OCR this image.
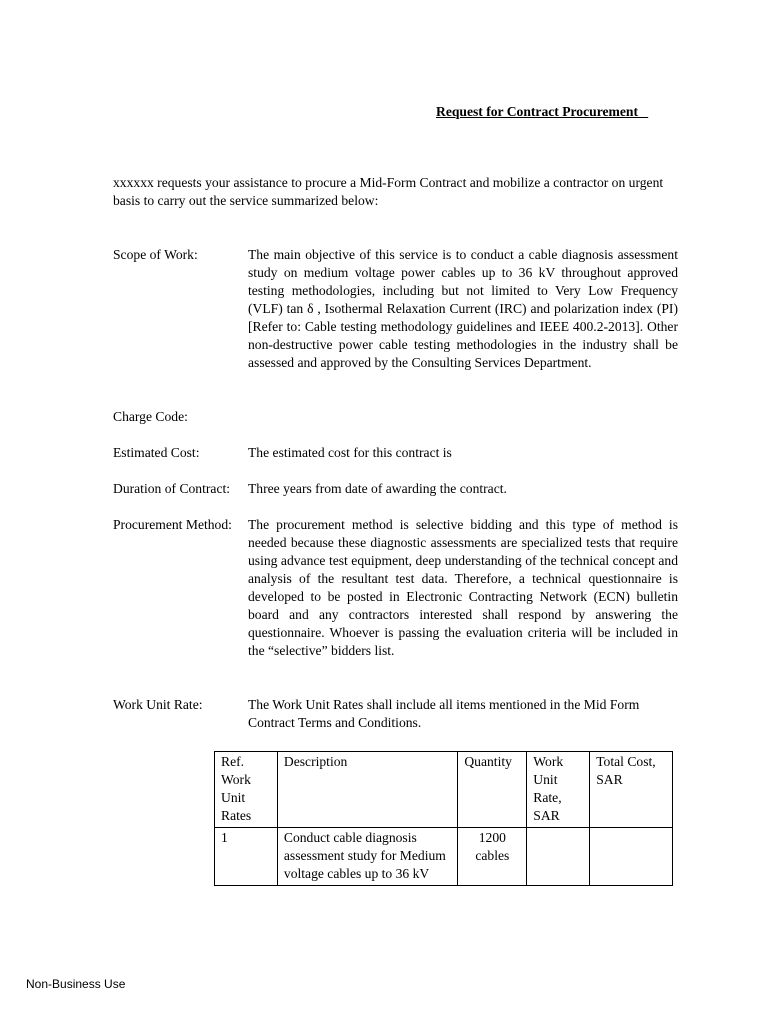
Request for Contract Procurement
xxxxxx requests your assistance to procure a Mid-Form Contract and mobilize a contractor on urgent basis to carry out the service summarized below:
Scope of Work:	The main objective of this service is to conduct a cable diagnosis assessment study on medium voltage power cables up to 36 kV throughout approved testing methodologies, including but not limited to Very Low Frequency (VLF) tan δ , Isothermal Relaxation Current (IRC) and polarization index (PI) [Refer to: Cable testing methodology guidelines and IEEE 400.2-2013]. Other non-destructive power cable testing methodologies in the industry shall be assessed and approved by the Consulting Services Department.
Charge Code:
Estimated Cost:	The estimated cost for this contract is
Duration of Contract:	Three years from date of awarding the contract.
Procurement Method:	The procurement method is selective bidding and this type of method is needed because these diagnostic assessments are specialized tests that require using advance test equipment, deep understanding of the technical concept and analysis of the resultant test data. Therefore, a technical questionnaire is developed to be posted in Electronic Contracting Network (ECN) bulletin board and any contractors interested shall respond by answering the questionnaire. Whoever is passing the evaluation criteria will be included in the “selective” bidders list.
Work Unit Rate:	The Work Unit Rates shall include all items mentioned in the Mid Form Contract Terms and Conditions.
Ref. Work Unit Rates	Description	Quantity	Work Unit Rate, SAR	Total Cost, SAR
1	Conduct cable diagnosis assessment study for Medium voltage cables up to 36 kV	1200 cables		
Non-Business Use
